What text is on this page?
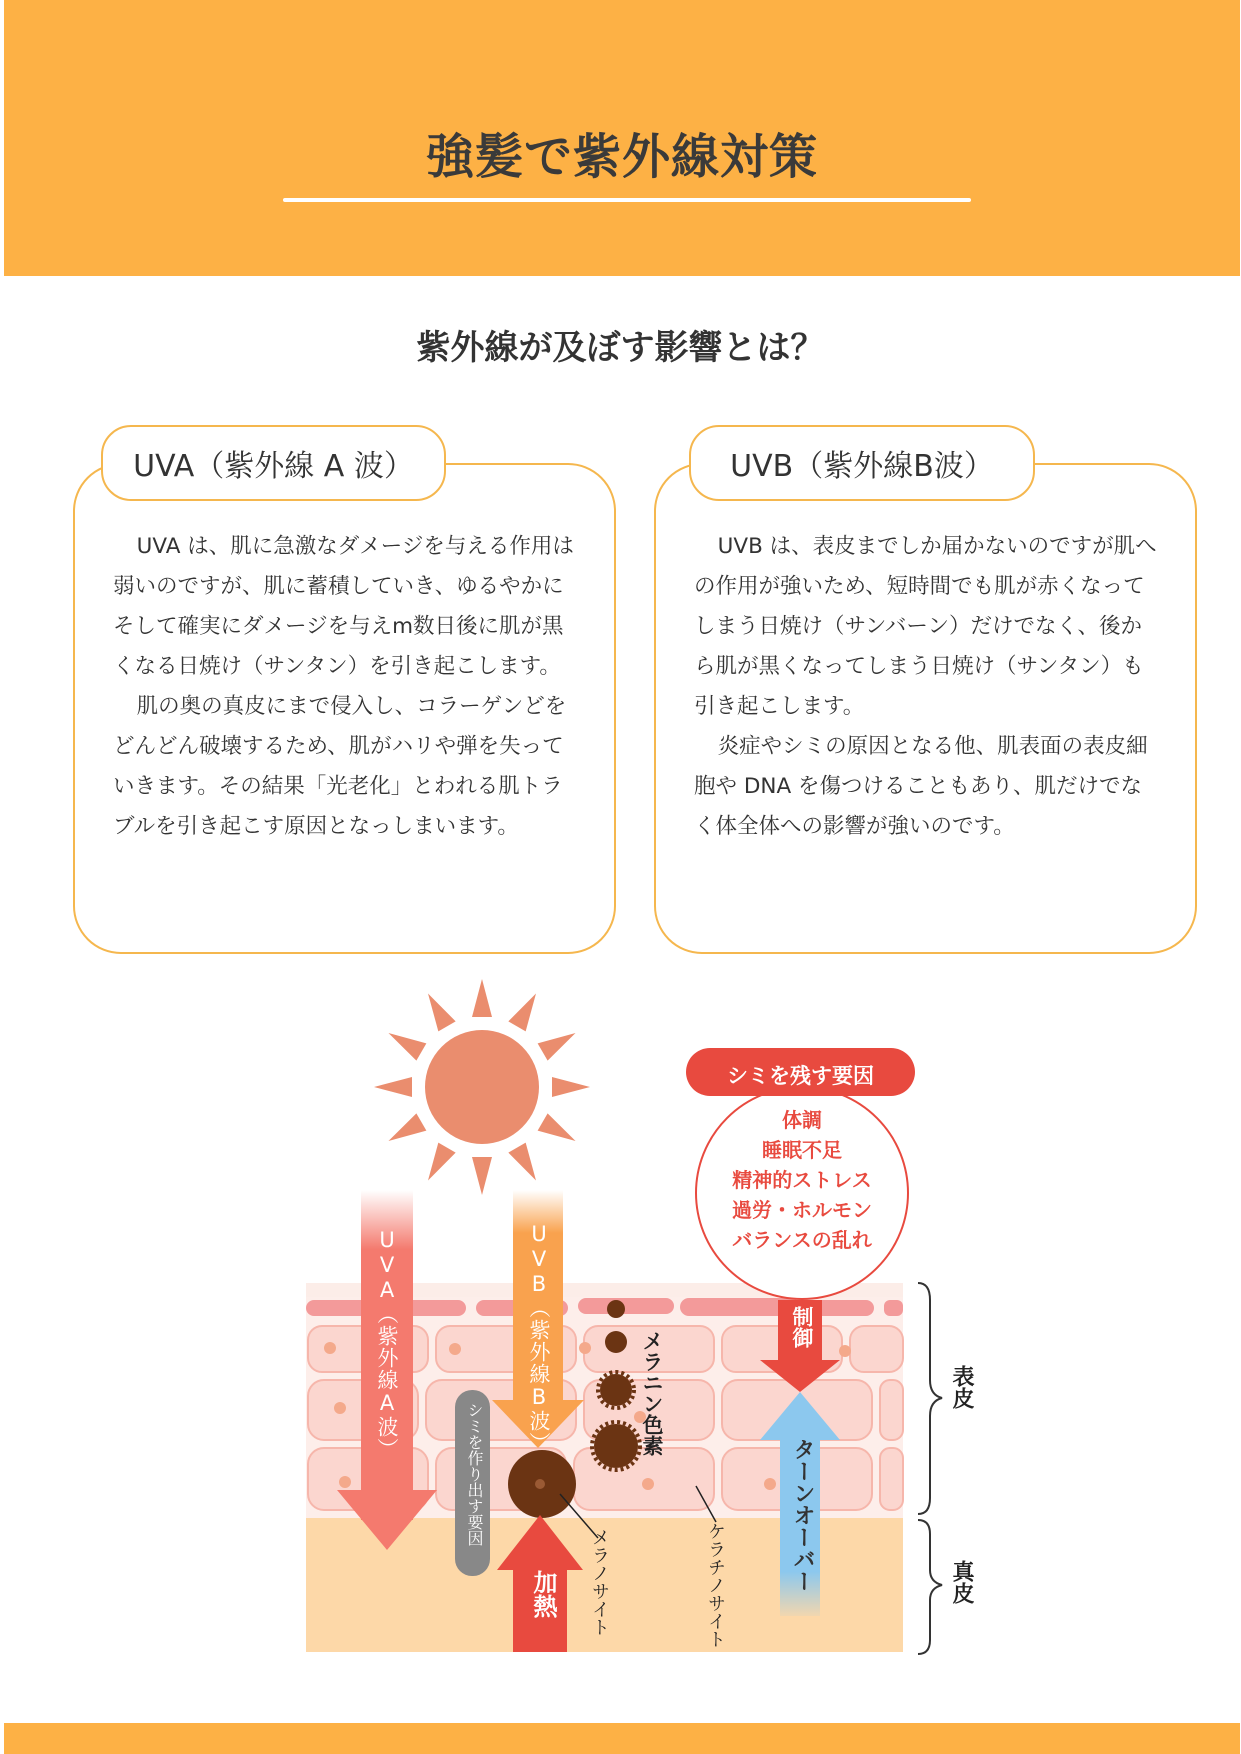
強髪で紫外線対策
紫外線が及ぼす影響とは？

UVA は、肌に急激なダメージを与える作用は弱いのですが、肌に蓄積していき、ゆるやかにそして確実にダメージを与えm数日後に肌が黒くなる日焼け（サンタン）を引き起こします。

肌の奥の真皮にまで侵入し、コラーゲンどをどんどん破壊するため、肌がハリや弾を失っていきます。その結果「光老化」とわれる肌トラブルを引き起こす原因となっしまいます。

UVA（紫外線 A 波）

UVB は、表皮までしか届かないのですが肌への作用が強いため、短時間でも肌が赤くなってしまう日焼け（サンバーン）だけでなく、後から肌が黒くなってしまう日焼け（サンタン）も引き起こします。

炎症やシミの原因となる他、肌表面の表皮細胞や DNA を傷つけることもあり、肌だけでなく体全体への影響が強いのです。

UVB（紫外線B波）
UVA（紫外線A波）	UVB（紫外線B波）
シミを作り出す要因
メラニン色素
メラノサイト	ケラチノサイト
加熱
制御
ターンオーバー
表皮
真皮
シミを残す要因
体調
睡眠不足
精神的ストレス
過労・ホルモン
バランスの乱れ
